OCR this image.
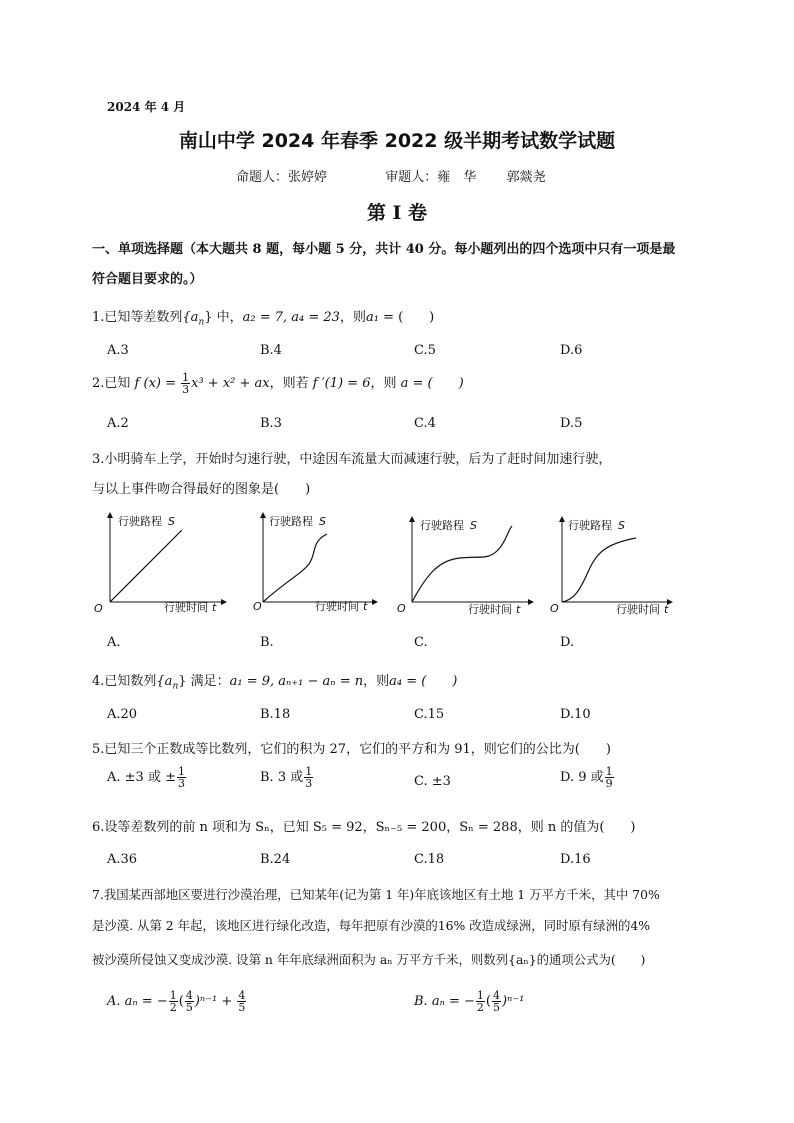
2024 年 4 月
南山中学 2024 年春季 2022 级半期考试数学试题
命题人：张婷婷	审题人：雍　华 郭燚尧
第 I 卷
一、单项选择题（本大题共 8 题，每小题 5 分，共计 40 分。每小题列出的四个选项中只有一项是最
符合题目要求的。）
1.已知等差数列$\{a_n\}$ 中，a₂ = 7, a₄ = 23，则a₁ = (　　)
A.3	B.4	C.5	D.6
2.已知 f $(x) = \frac{1}{3} x^3 + x^2$ + ax，则若 f ′(1) = 6，则 a = (　　)
A.2	B.3	C.4	D.5
3.小明骑车上学，开始时匀速行驶，中途因车流量大而减速行驶，后为了赶时间加速行驶，
与以上事件吻合得最好的图象是(　　)
行驶路程 S
O	行驶时间 t
行驶路程 S
O	行驶时间 t
行驶路程 S
O	行驶时间 t
行驶路程 S
O	行驶时间 t
A.	B.	C.	D.
4.已知数列$\{a_n\}$ 满足：a₁ = 9, aₙ₊₁ − aₙ = n，则a₄ = (　　)
A.20	B.18	C.15	D.10
5.已知三个正数成等比数列，它们的积为 27，它们的平方和为 91，则它们的公比为(　　)
A. ±3 或 ± $\frac{1}{3}$	B. 3 或 $\frac{1}{3}$	C. ±3	D. 9 或 $\frac{1}{9}$
6.设等差数列的前 n 项和为 Sₙ，已知 S₅ = 92，Sₙ₋₅ = 200，Sₙ = 288，则 n 的值为(　　)
A.36	B.24	C.18	D.16
7.我国某西部地区要进行沙漠治理，已知某年(记为第 1 年)年底该地区有土地 1 万平方千米，其中 70%
是沙漠. 从第 2 年起，该地区进行绿化改造，每年把原有沙漠的16% 改造成绿洲，同时原有绿洲的4%
被沙漠所侵蚀又变成沙漠. 设第 n 年年底绿洲面积为 aₙ 万平方千米，则数列{aₙ}的通项公式为(　　)
A. aₙ = − $\frac{1}{2}$ ( $\frac{4}{5} )^{n-1} + \frac{4}{5}$	B. aₙ = − $\frac{1}{2}$ ( $\frac{4}{5} )^{n-1}$
